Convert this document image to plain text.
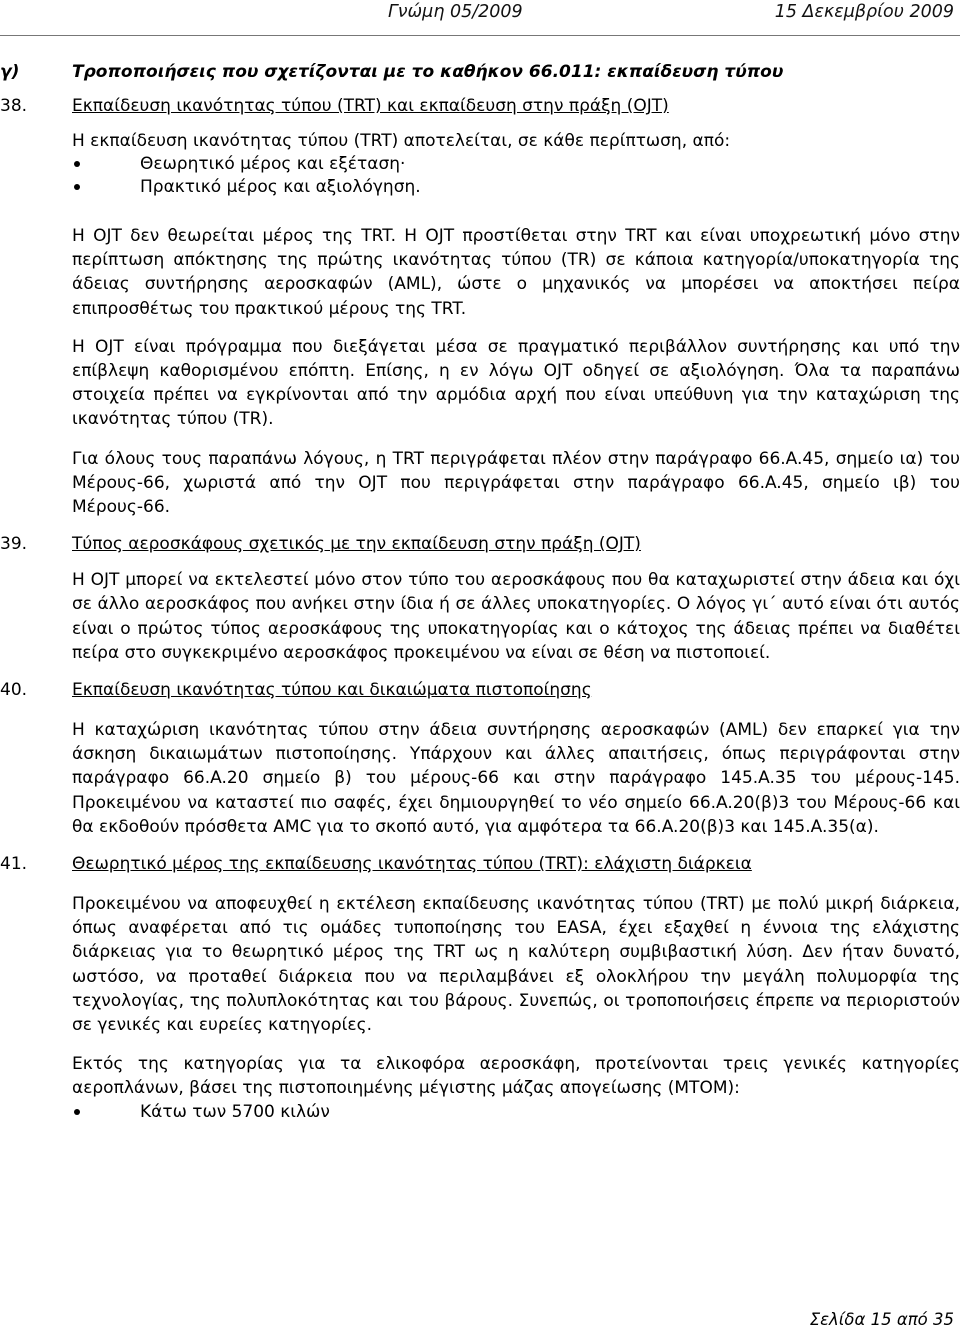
Γνώμη 05/2009	15 Δεκεμβρίου 2009
γ)	Τροποποιήσεις που σχετίζονται με το καθήκον 66.011: εκπαίδευση τύπου
38.	Εκπαίδευση ικανότητας τύπου (TRT) και εκπαίδευση στην πράξη (OJT)

Η εκπαίδευση ικανότητας τύπου (TRT) αποτελείται, σε κάθε περίπτωση, από:

Θεωρητικό μέρος και εξέταση·
Πρακτικό μέρος και αξιολόγηση.

Η OJT δεν θεωρείται μέρος της TRT. Η OJT προστίθεται στην TRT και είναι υποχρεωτική μόνο στην περίπτωση απόκτησης της πρώτης ικανότητας τύπου (TR) σε κάποια κατηγορία/υποκατηγορία της άδειας συντήρησης αεροσκαφών (AML), ώστε ο μηχανικός να μπορέσει να αποκτήσει πείρα επιπροσθέτως του πρακτικού μέρους της TRT.

Η OJT είναι πρόγραμμα που διεξάγεται μέσα σε πραγματικό περιβάλλον συντήρησης και υπό την επίβλεψη καθορισμένου επόπτη. Επίσης, η εν λόγω OJT οδηγεί σε αξιολόγηση. Όλα τα παραπάνω στοιχεία πρέπει να εγκρίνονται από την αρμόδια αρχή που είναι υπεύθυνη για την καταχώριση της ικανότητας τύπου (TR).

Για όλους τους παραπάνω λόγους, η TRT περιγράφεται πλέον στην παράγραφο 66.A.45, σημείο ια) του Μέρους-66, χωριστά από την OJT που περιγράφεται στην παράγραφο 66.A.45, σημείο ιβ) του Μέρους-66.

39.	Τύπος αεροσκάφους σχετικός με την εκπαίδευση στην πράξη (OJT)

Η OJT μπορεί να εκτελεστεί μόνο στον τύπο του αεροσκάφους που θα καταχωριστεί στην άδεια και όχι σε άλλο αεροσκάφος που ανήκει στην ίδια ή σε άλλες υποκατηγορίες. Ο λόγος γι΄ αυτό είναι ότι αυτός είναι ο πρώτος τύπος αεροσκάφους της υποκατηγορίας και ο κάτοχος της άδειας πρέπει να διαθέτει πείρα στο συγκεκριμένο αεροσκάφος προκειμένου να είναι σε θέση να πιστοποιεί.

40.	Εκπαίδευση ικανότητας τύπου και δικαιώματα πιστοποίησης

Η καταχώριση ικανότητας τύπου στην άδεια συντήρησης αεροσκαφών (AML) δεν επαρκεί για την άσκηση δικαιωμάτων πιστοποίησης. Υπάρχουν και άλλες απαιτήσεις, όπως περιγράφονται στην παράγραφο 66.A.20 σημείο β) του μέρους-66 και στην παράγραφο 145.A.35 του μέρους-145. Προκειμένου να καταστεί πιο σαφές, έχει δημιουργηθεί το νέο σημείο 66.A.20(β)3 του Μέρους-66 και θα εκδοθούν πρόσθετα AMC για το σκοπό αυτό, για αμφότερα τα 66.A.20(β)3 και 145.A.35(α).

41.	Θεωρητικό μέρος της εκπαίδευσης ικανότητας τύπου (TRT): ελάχιστη διάρκεια

Προκειμένου να αποφευχθεί η εκτέλεση εκπαίδευσης ικανότητας τύπου (TRT) με πολύ μικρή διάρκεια, όπως αναφέρεται από τις ομάδες τυποποίησης του EASA, έχει εξαχθεί η έννοια της ελάχιστης διάρκειας για το θεωρητικό μέρος της TRT ως η καλύτερη συμβιβαστική λύση. Δεν ήταν δυνατό, ωστόσο, να προταθεί διάρκεια που να περιλαμβάνει εξ ολοκλήρου την μεγάλη πολυμορφία της τεχνολογίας, της πολυπλοκότητας και του βάρους. Συνεπώς, οι τροποποιήσεις έπρεπε να περιοριστούν σε γενικές και ευρείες κατηγορίες.

Εκτός της κατηγορίας για τα ελικοφόρα αεροσκάφη, προτείνονται τρεις γενικές κατηγορίες αεροπλάνων, βάσει της πιστοποιημένης μέγιστης μάζας απογείωσης (MTOM):

Κάτω των 5700 κιλών
Σελίδα 15 από 35
